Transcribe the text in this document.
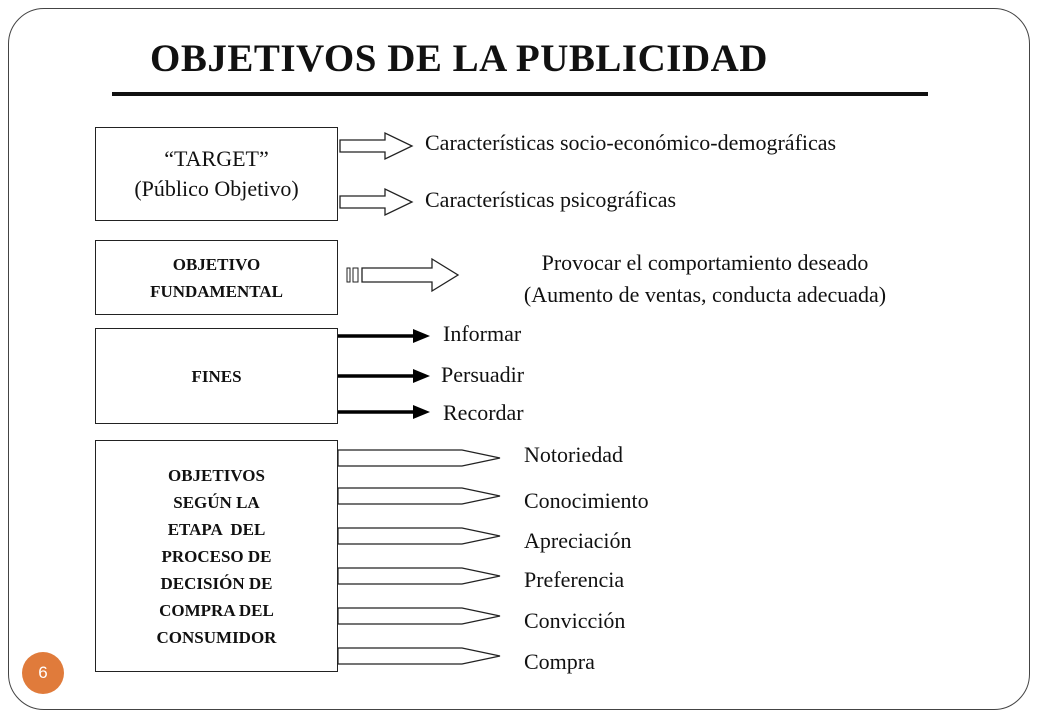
OBJETIVOS DE LA PUBLICIDAD
“TARGET”
(Público Objetivo)
OBJETIVO
FUNDAMENTAL
FINES
OBJETIVOS
SEGÚN LA
ETAPA  DEL
PROCESO DE
DECISIÓN DE
COMPRA DEL
CONSUMIDOR
Características socio-económico-demográficas
Características psicográficas
Provocar el comportamiento deseado
(Aumento de ventas, conducta adecuada)
Informar
Persuadir
Recordar
Notoriedad
Conocimiento
Apreciación
Preferencia
Convicción
Compra
6
